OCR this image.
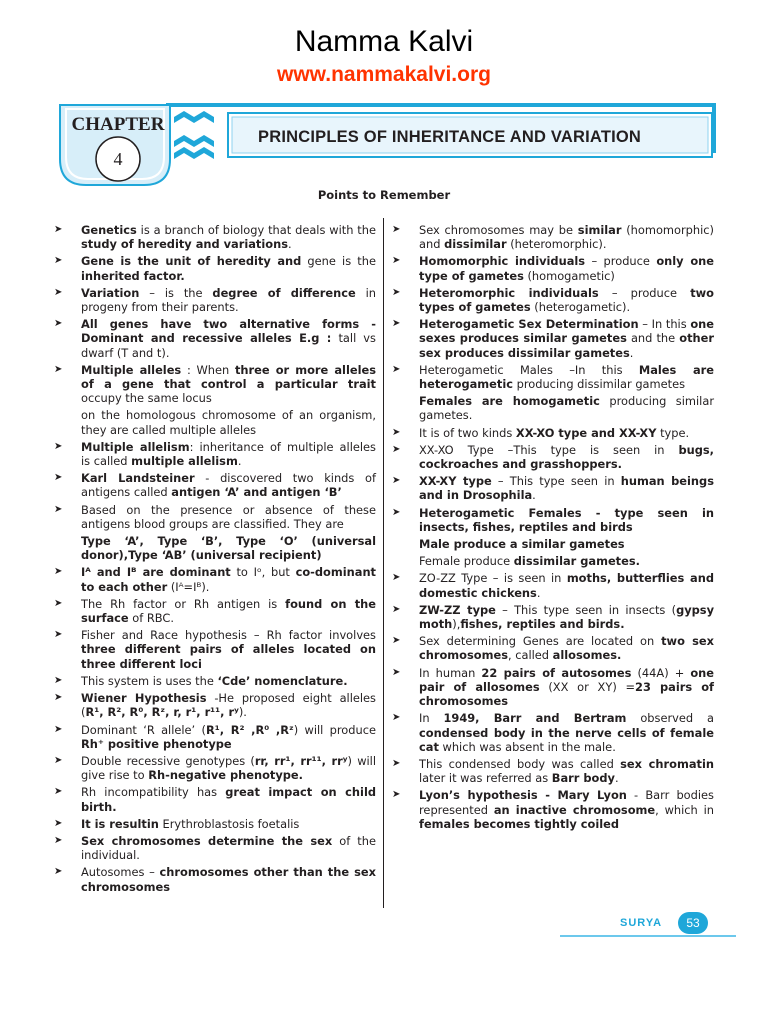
Namma Kalvi
www.nammakalvi.org
CHAPTER
4
PRINCIPLES OF INHERITANCE AND VARIATION
Points to Remember
➤ Genetics is a branch of biology that deals with the study of heredity and variations.
➤ Gene is the unit of heredity and gene is the inherited factor.
➤ Variation – is the degree of difference in progeny from their parents.
➤ All genes have two alternative forms -Dominant and recessive alleles E.g : tall vs dwarf (T and t).
➤ Multiple alleles : When three or more alleles of a gene that control a particular trait occupy the same locus
on the homologous chromosome of an organism, they are called multiple alleles
➤ Multiple allelism: inheritance of multiple alleles is called multiple allelism.
➤ Karl Landsteiner - discovered two kinds of antigens called antigen ‘A’ and antigen ‘B’
➤ Based on the presence or absence of these antigens blood groups are classified. They are
Type ‘A’, Type ‘B’, Type ‘O’ (universal donor),Type ‘AB’ (universal recipient)
➤ Iᴬ and Iᴮ are dominant to Iᵒ, but co-dominant to each other (Iᴬ=Iᴮ).
➤ The Rh factor or Rh antigen is found on the surface of RBC.
➤ Fisher and Race hypothesis – Rh factor involves three different pairs of alleles located on three different loci
➤ This system is uses the ‘Cde’ nomenclature.
➤ Wiener Hypothesis -He proposed eight alleles (R¹, R², R⁰, Rᶻ, r, r¹, r¹¹, rʸ).
➤ Dominant ‘R allele’ (R¹, R² ,R⁰ ,Rᶻ) will produce Rh⁺ positive phenotype
➤ Double recessive genotypes (rr, rr¹, rr¹¹, rrʸ) will give rise to Rh-negative phenotype.
➤ Rh incompatibility has great impact on child birth.
➤ It is resultin Erythroblastosis foetalis
➤ Sex chromosomes determine the sex of the individual.
➤ Autosomes – chromosomes other than the sex chromosomes
➤ Sex chromosomes may be similar (homomorphic) and dissimilar (heteromorphic).
➤ Homomorphic individuals – produce only one type of gametes (homogametic)
➤ Heteromorphic individuals – produce two types of gametes (heterogametic).
➤ Heterogametic Sex Determination – In this one sexes produces similar gametes and the other sex produces dissimilar gametes.
➤ Heterogametic Males –In this Males are heterogametic producing dissimilar gametes
Females are homogametic producing similar gametes.
➤ It is of two kinds XX-XO type and XX-XY type.
➤ XX-XO Type –This type is seen in bugs, cockroaches and grasshoppers.
➤ XX-XY type – This type seen in human beings and in Drosophila.
➤ Heterogametic Females - type seen in insects, fishes, reptiles and birds
Male produce a similar gametes
Female produce dissimilar gametes.
➤ ZO-ZZ Type – is seen in moths, butterflies and domestic chickens.
➤ ZW-ZZ type – This type seen in insects (gypsy moth),fishes, reptiles and birds.
➤ Sex determining Genes are located on two sex chromosomes, called allosomes.
➤ In human 22 pairs of autosomes (44A) + one pair of allosomes (XX or XY) =23 pairs of chromosomes
➤ In 1949, Barr and Bertram observed a condensed body in the nerve cells of female cat which was absent in the male.
➤ This condensed body was called sex chromatin later it was referred as Barr body.
➤ Lyon’s hypothesis - Mary Lyon - Barr bodies represented an inactive chromosome, which in females becomes tightly coiled
SURYA	53
